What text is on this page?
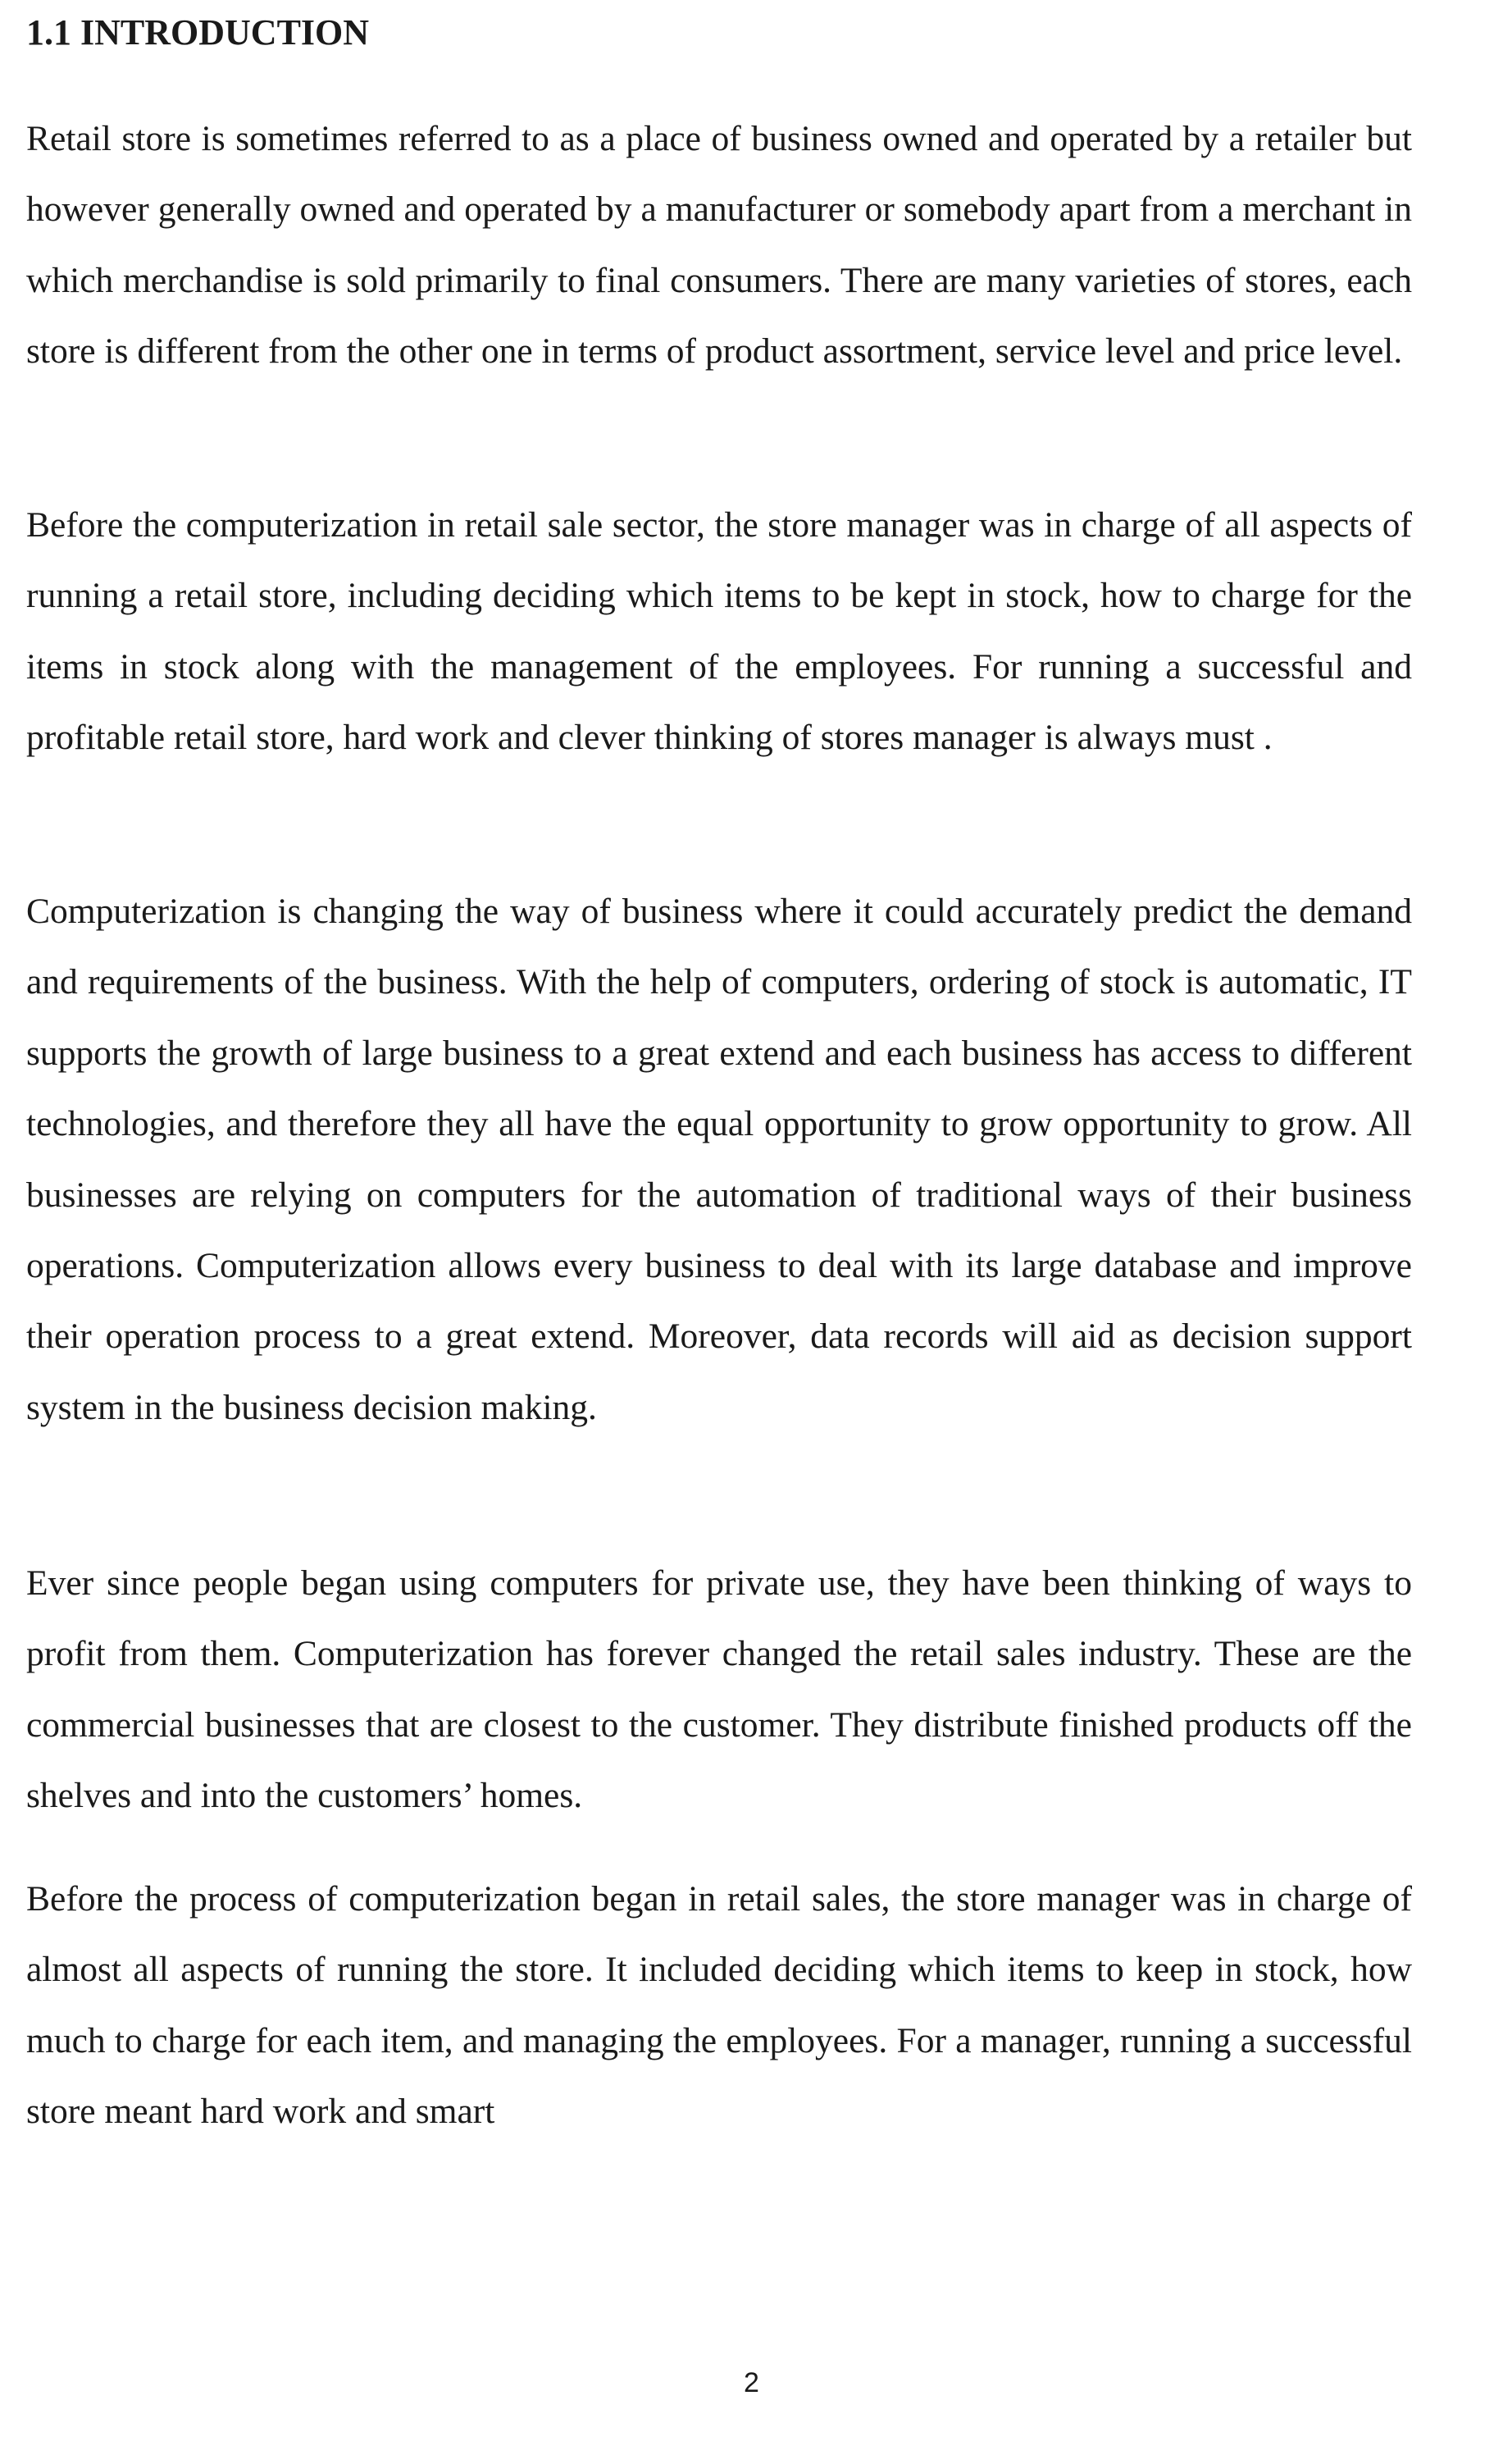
1.1 INTRODUCTION

Retail store is sometimes referred to as a place of business owned and operated by a retailer but however generally owned and operated by a manufacturer or somebody apart from a merchant in which merchandise is sold primarily to final consumers. There are many varieties of stores, each store is different from the other one in terms of product assortment, service level and price level.

Before the computerization in retail sale sector, the store manager was in charge of all aspects of running a retail store, including deciding which items to be kept in stock, how to charge for the items in stock along with the management of the employees. For running a successful and profitable retail store, hard work and clever thinking of stores manager is always must .

Computerization is changing the way of business where it could accurately predict the demand and requirements of the business. With the help of computers, ordering of stock is automatic, IT supports the growth of large business to a great extend and each business has access to different technologies, and therefore they all have the equal opportunity to grow opportunity to grow. All businesses are relying on computers for the automation of traditional ways of their business operations. Computerization allows every business to deal with its large database and improve their operation process to a great extend. Moreover, data records will aid as decision support system in the business decision making.

Ever since people began using computers for private use, they have been thinking of ways to profit from them. Computerization has forever changed the retail sales industry. These are the commercial businesses that are closest to the customer. They distribute finished products off the shelves and into the customers’ homes.

Before the process of computerization began in retail sales, the store manager was in charge of almost all aspects of running the store. It included deciding which items to keep in stock, how much to charge for each item, and managing the employees. For a manager, running a successful store meant hard work and smart

2
